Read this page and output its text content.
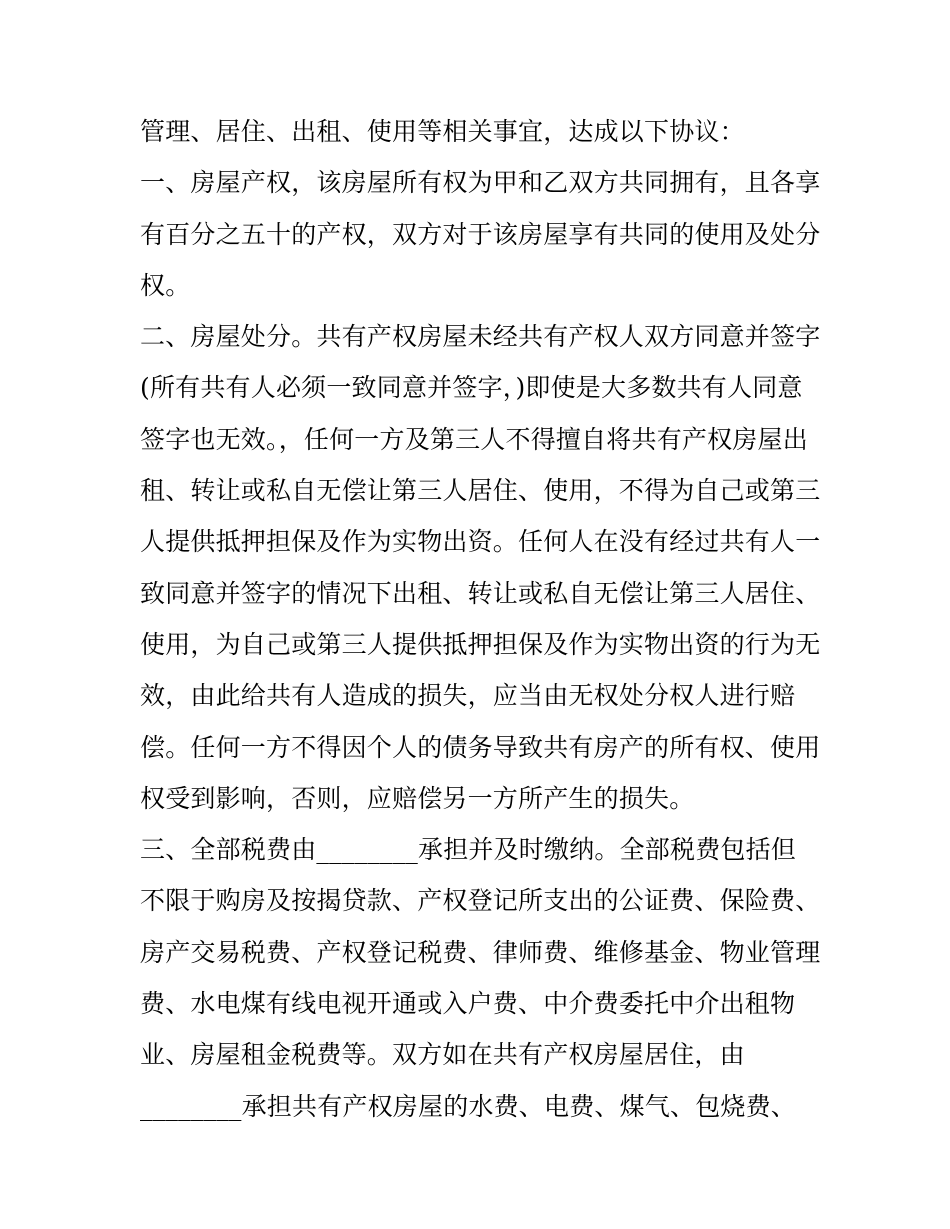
管理、居住、出租、使用等相关事宜，达成以下协议：
一、房屋产权，该房屋所有权为甲和乙双方共同拥有，且各享
有百分之五十的产权，双方对于该房屋享有共同的使用及处分
权。
二、房屋处分。共有产权房屋未经共有产权人双方同意并签字
(所有共有人必须一致同意并签字，)即使是大多数共有人同意
签字也无效。，任何一方及第三人不得擅自将共有产权房屋出
租、转让或私自无偿让第三人居住、使用，不得为自己或第三
人提供抵押担保及作为实物出资。任何人在没有经过共有人一
致同意并签字的情况下出租、转让或私自无偿让第三人居住、
使用，为自己或第三人提供抵押担保及作为实物出资的行为无
效，由此给共有人造成的损失，应当由无权处分权人进行赔
偿。任何一方不得因个人的债务导致共有房产的所有权、使用
权受到影响，否则，应赔偿另一方所产生的损失。
三、全部税费由________承担并及时缴纳。全部税费包括但
不限于购房及按揭贷款、产权登记所支出的公证费、保险费、
房产交易税费、产权登记税费、律师费、维修基金、物业管理
费、水电煤有线电视开通或入户费、中介费委托中介出租物
业、房屋租金税费等。双方如在共有产权房屋居住，由
________承担共有产权房屋的水费、电费、煤气、包烧费、
